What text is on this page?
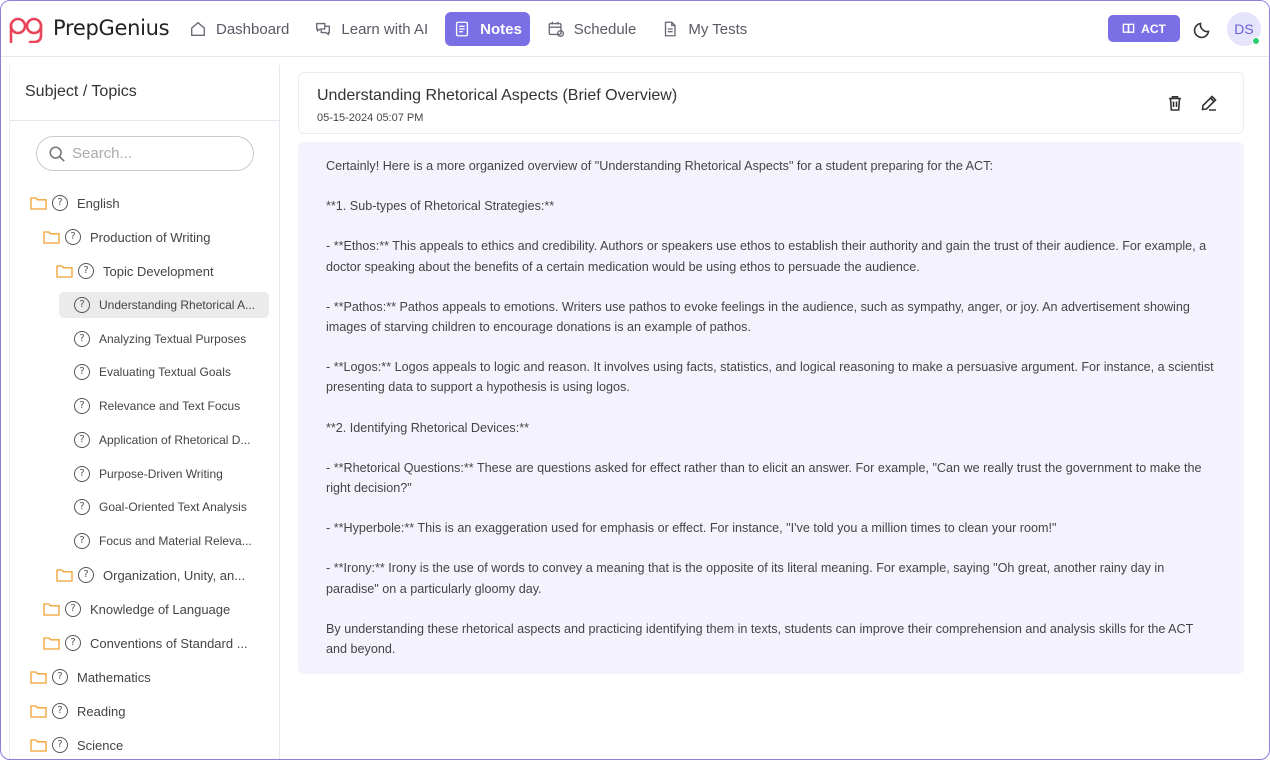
PrepGenius	Dashboard	Learn with AI	Notes	Schedule	My Tests	ACT	DS
Subject / Topics
Search...
?	English
?	Production of Writing
?	Topic Development
?	Understanding Rhetorical A...
?	Analyzing Textual Purposes
?	Evaluating Textual Goals
?	Relevance and Text Focus
?	Application of Rhetorical D...
?	Purpose-Driven Writing
?	Goal-Oriented Text Analysis
?	Focus and Material Releva...
?	Organization, Unity, an...
?	Knowledge of Language
?	Conventions of Standard ...
?	Mathematics
?	Reading
?	Science
Understanding Rhetorical Aspects (Brief Overview)
05-15-2024 05:07 PM

Certainly! Here is a more organized overview of "Understanding Rhetorical Aspects" for a student preparing for the ACT:

**1. Sub-types of Rhetorical Strategies:**

- **Ethos:** This appeals to ethics and credibility. Authors or speakers use ethos to establish their authority and gain the trust of their audience. For example, a doctor speaking about the benefits of a certain medication would be using ethos to persuade the audience.

- **Pathos:** Pathos appeals to emotions. Writers use pathos to evoke feelings in the audience, such as sympathy, anger, or joy. An advertisement showing images of starving children to encourage donations is an example of pathos.

- **Logos:** Logos appeals to logic and reason. It involves using facts, statistics, and logical reasoning to make a persuasive argument. For instance, a scientist presenting data to support a hypothesis is using logos.

**2. Identifying Rhetorical Devices:**

- **Rhetorical Questions:** These are questions asked for effect rather than to elicit an answer. For example, "Can we really trust the government to make the right decision?"

- **Hyperbole:** This is an exaggeration used for emphasis or effect. For instance, "I've told you a million times to clean your room!"

- **Irony:** Irony is the use of words to convey a meaning that is the opposite of its literal meaning. For example, saying "Oh great, another rainy day in paradise" on a particularly gloomy day.

By understanding these rhetorical aspects and practicing identifying them in texts, students can improve their comprehension and analysis skills for the ACT and beyond.
